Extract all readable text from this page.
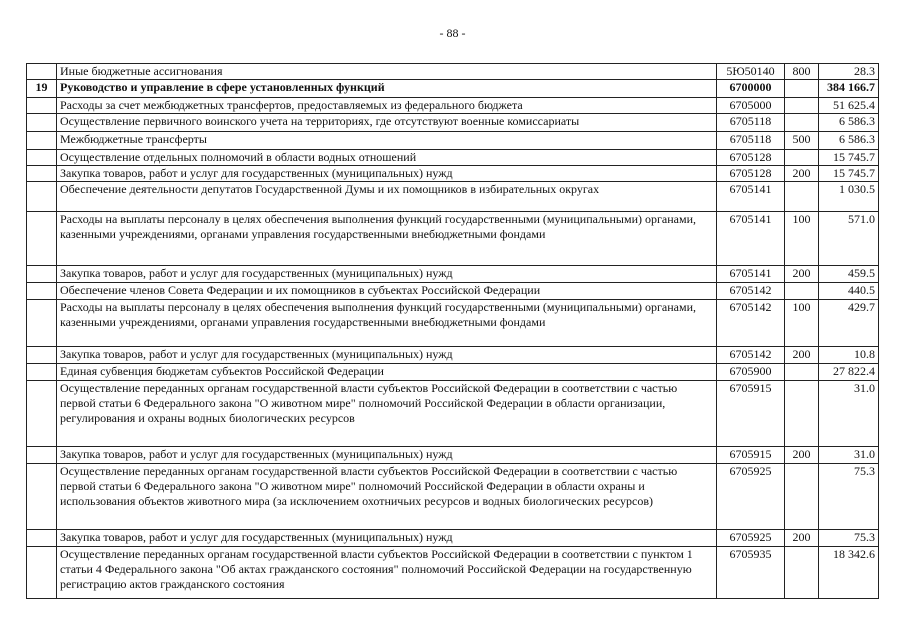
- 88 -
	Иные бюджетные ассигнования	5Ю50140	800	28.3
19	Руководство и управление в сфере установленных функций	6700000		384 166.7
	Расходы за счет межбюджетных трансфертов, предоставляемых из федерального бюджета	6705000		51 625.4
	Осуществление первичного воинского учета на территориях, где отсутствуют военные комиссариаты	6705118		6 586.3
	Межбюджетные трансферты	6705118	500	6 586.3
	Осуществление отдельных полномочий в области водных отношений	6705128		15 745.7
	Закупка товаров, работ и услуг для государственных (муниципальных) нужд	6705128	200	15 745.7
	Обеспечение деятельности депутатов Государственной Думы и их помощников в избирательных округах	6705141		1 030.5
	Расходы на выплаты персоналу в целях обеспечения выполнения функций государственными (муниципальными) органами, казенными учреждениями, органами управления государственными внебюджетными фондами	6705141	100	571.0
	Закупка товаров, работ и услуг для государственных (муниципальных) нужд	6705141	200	459.5
	Обеспечение членов Совета Федерации и их помощников в субъектах Российской Федерации	6705142		440.5
	Расходы на выплаты персоналу в целях обеспечения выполнения функций государственными (муниципальными) органами, казенными учреждениями, органами управления государственными внебюджетными фондами	6705142	100	429.7
	Закупка товаров, работ и услуг для государственных (муниципальных) нужд	6705142	200	10.8
	Единая субвенция бюджетам субъектов Российской Федерации	6705900		27 822.4
	Осуществление переданных органам государственной власти субъектов Российской Федерации в соответствии с частью первой статьи 6 Федерального закона "О животном мире" полномочий Российской Федерации в области организации, регулирования и охраны водных биологических ресурсов	6705915		31.0
	Закупка товаров, работ и услуг для государственных (муниципальных) нужд	6705915	200	31.0
	Осуществление переданных органам государственной власти субъектов Российской Федерации в соответствии с частью первой статьи 6 Федерального закона "О животном мире" полномочий Российской Федерации в области охраны и использования объектов животного мира (за исключением охотничьих ресурсов и водных биологических ресурсов)	6705925		75.3
	Закупка товаров, работ и услуг для государственных (муниципальных) нужд	6705925	200	75.3
	Осуществление переданных органам государственной власти субъектов Российской Федерации в соответствии с пунктом 1 статьи 4 Федерального закона "Об актах гражданского состояния" полномочий Российской Федерации на государственную регистрацию актов гражданского состояния	6705935		18 342.6
